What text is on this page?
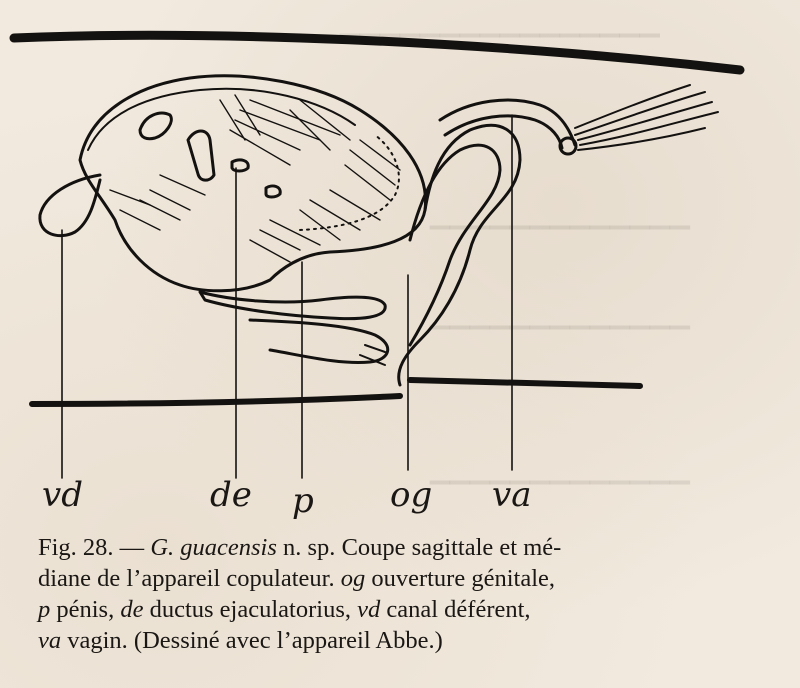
▁▁▁▁▁▁▁▁▁▁▁▁▁▁▁▁
▁▁▁▁▁▁▁▁▁▁▁▁▁
▁▁▁▁▁▁▁▁▁▁▁▁▁
▁▁▁▁▁▁▁▁▁▁▁▁▁
vd	de p og va
Fig. 28. — G. guacensis n. sp. Coupe sagittale et mé-
diane de l’appareil copulateur. og ouverture génitale,
p pénis, de ductus ejaculatorius, vd canal déférent,
va vagin. (Dessiné avec l’appareil Abbe.)
